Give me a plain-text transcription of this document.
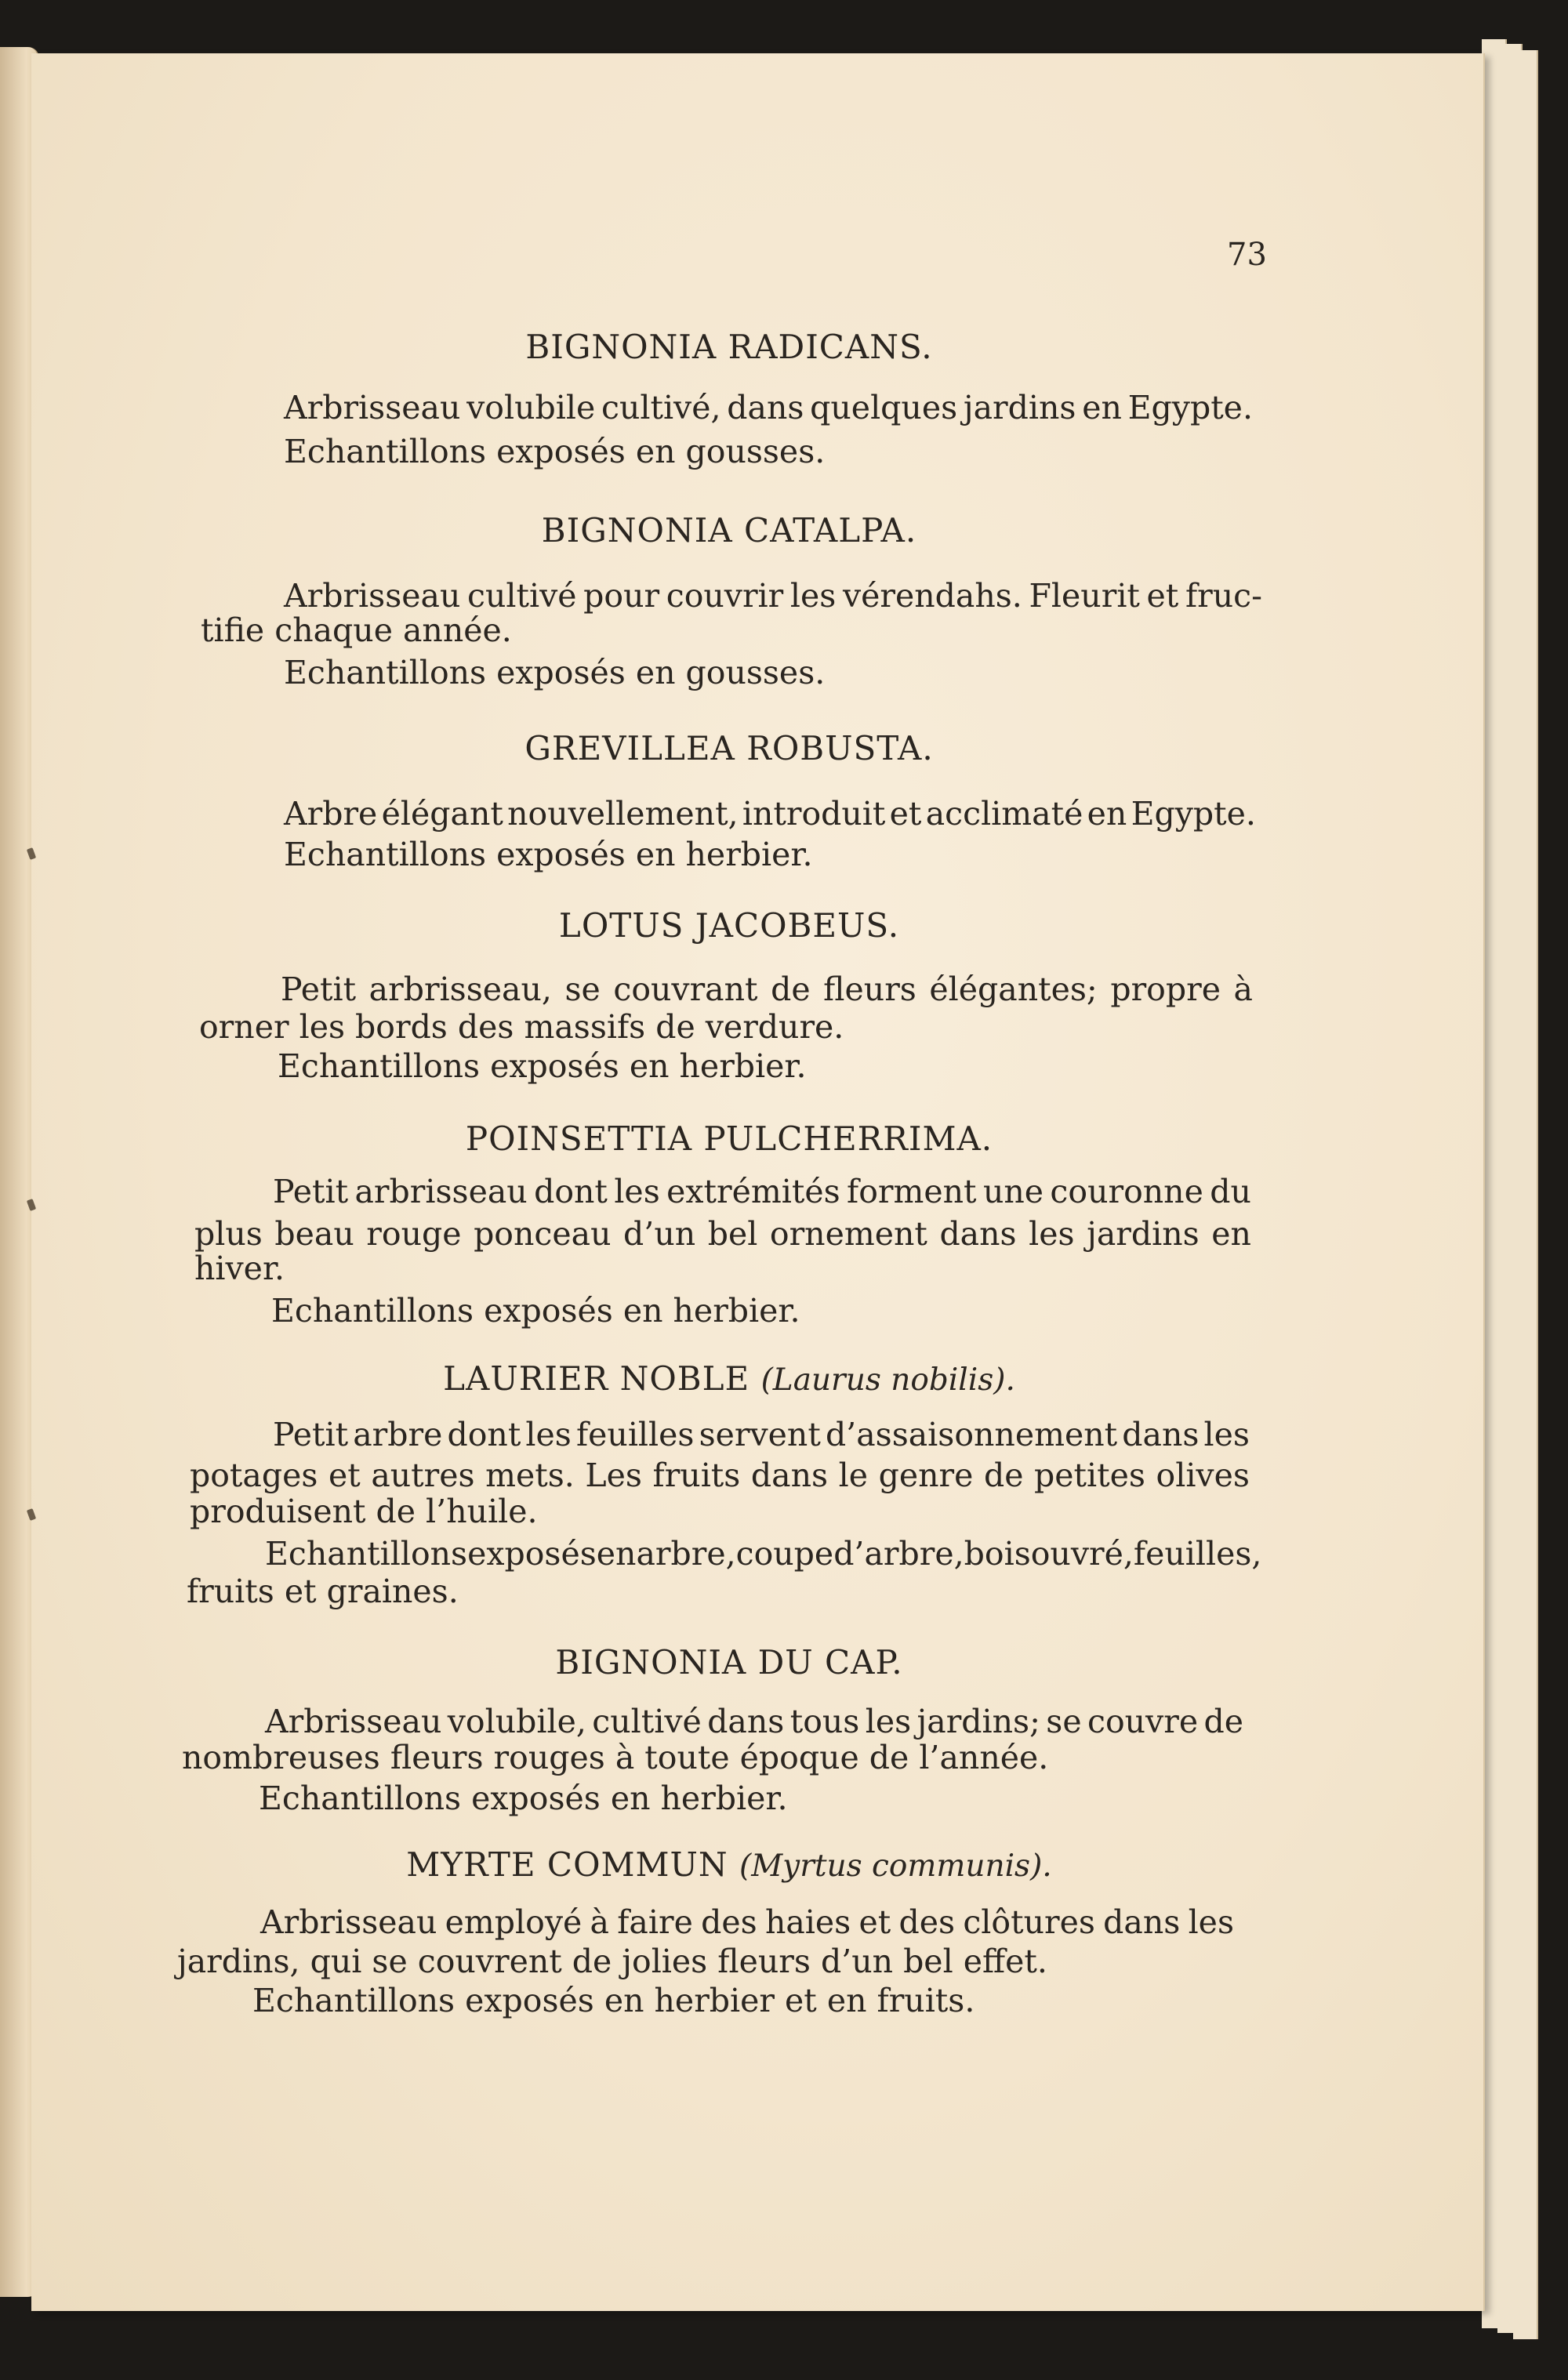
73
BIGNONIA RADICANS.
Arbrisseau volubile cultivé, dans quelques jardins en Egypte.
Echantillons exposés en gousses.
BIGNONIA CATALPA.
Arbrisseau cultivé pour couvrir les vérendahs. Fleurit et fruc-
tifie chaque année.
Echantillons exposés en gousses.
GREVILLEA ROBUSTA.
Arbre élégant nouvellement, introduit et acclimaté en Egypte.
Echantillons exposés en herbier.
LOTUS JACOBEUS.
Petit arbrisseau, se couvrant de fleurs élégantes; propre à
orner les bords des massifs de verdure.
Echantillons exposés en herbier.
POINSETTIA PULCHERRIMA.
Petit arbrisseau dont les extrémités forment une couronne du
plus beau rouge ponceau d’un bel ornement dans les jardins en
hiver.
Echantillons exposés en herbier.
LAURIER NOBLE (Laurus nobilis).
Petit arbre dont les feuilles servent d’assaisonnement dans les
potages et autres mets. Les fruits dans le genre de petites olives
produisent de l’huile.
Echantillons exposés en arbre, coupe d’arbre, bois ouvré, feuilles,
fruits et graines.
BIGNONIA DU CAP.
Arbrisseau volubile, cultivé dans tous les jardins; se couvre de
nombreuses fleurs rouges à toute époque de l’année.
Echantillons exposés en herbier.
MYRTE COMMUN (Myrtus communis).
Arbrisseau employé à faire des haies et des clôtures dans les
jardins, qui se couvrent de jolies fleurs d’un bel effet.
Echantillons exposés en herbier et en fruits.
